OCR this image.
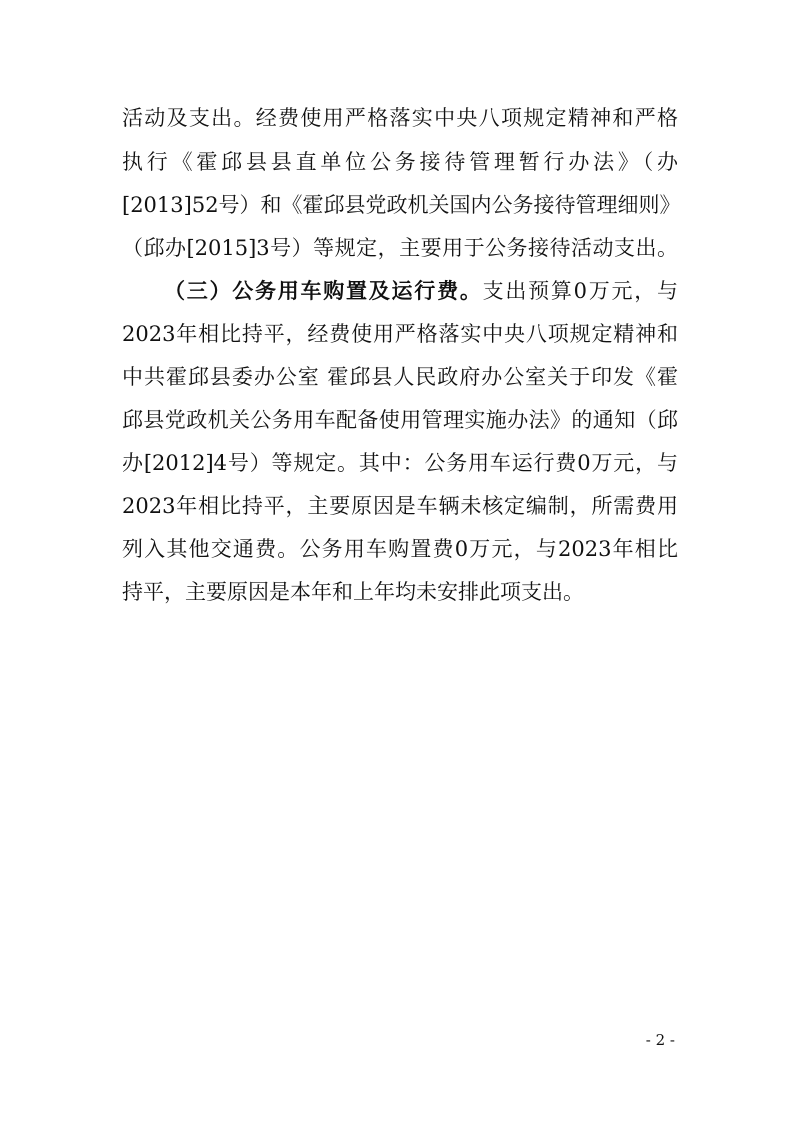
活动及支出。经费使用严格落实中央八项规定精神和严格
执行《霍邱县县直单位公务接待管理暂行办法》（办
[2013]52号）和《霍邱县党政机关国内公务接待管理细则》
（邱办[2015]3号）等规定，主要用于公务接待活动支出。
（三）公务用车购置及运行费。支出预算0万元，与
2023年相比持平，经费使用严格落实中央八项规定精神和
中共霍邱县委办公室 霍邱县人民政府办公室关于印发《霍
邱县党政机关公务用车配备使用管理实施办法》的通知（邱
办[2012]4号）等规定。其中：公务用车运行费0万元，与
2023年相比持平，主要原因是车辆未核定编制，所需费用
列入其他交通费。公务用车购置费0万元，与2023年相比
持平，主要原因是本年和上年均未安排此项支出。
- 2 -
